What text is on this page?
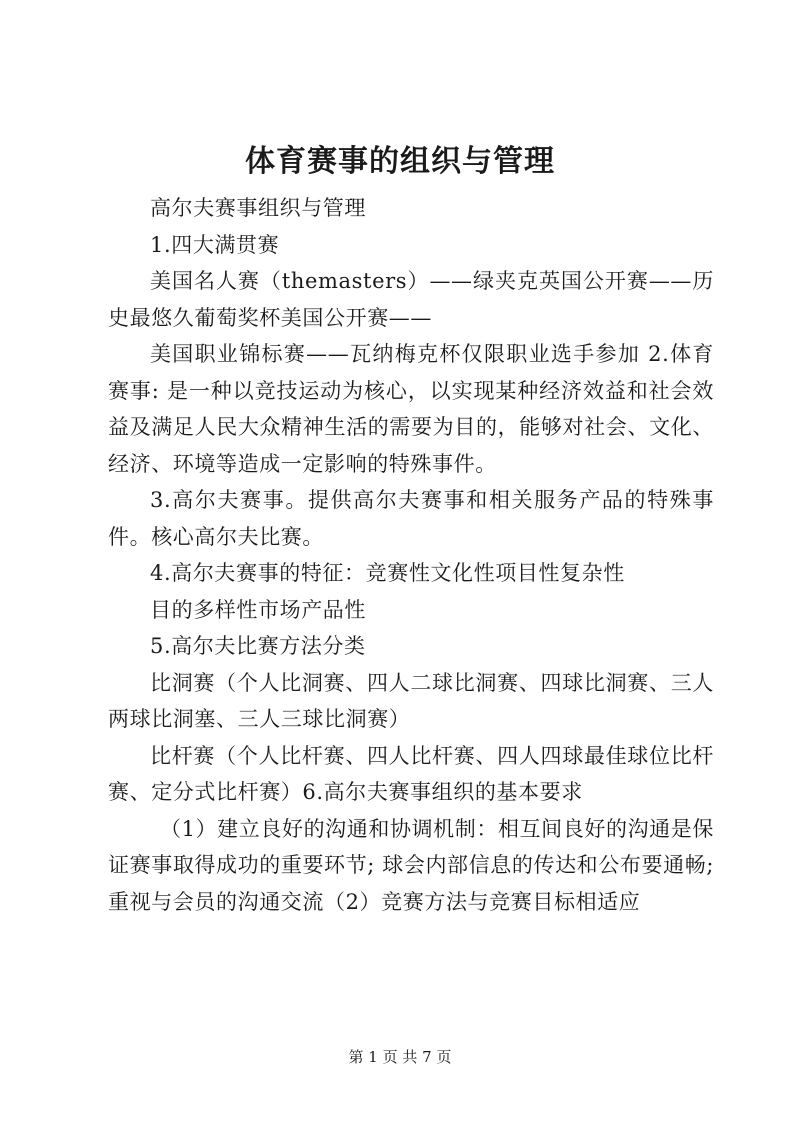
体育赛事的组织与管理

高尔夫赛事组织与管理

1.四大满贯赛

美国名人赛（themasters）——绿夹克英国公开赛——历史最悠久葡萄奖杯美国公开赛——

美国职业锦标赛——瓦纳梅克杯仅限职业选手参加 2.体育赛事: 是一种以竞技运动为核心，以实现某种经济效益和社会效益及满足人民大众精神生活的需要为目的，能够对社会、文化、经济、环境等造成一定影响的特殊事件。

3.高尔夫赛事。提供高尔夫赛事和相关服务产品的特殊事件。核心高尔夫比赛。

4.高尔夫赛事的特征：竞赛性文化性项目性复杂性

目的多样性市场产品性

5.高尔夫比赛方法分类

比洞赛（个人比洞赛、四人二球比洞赛、四球比洞赛、三人两球比洞塞、三人三球比洞赛）

比杆赛（个人比杆赛、四人比杆赛、四人四球最佳球位比杆赛、定分式比杆赛）6.高尔夫赛事组织的基本要求

（1）建立良好的沟通和协调机制：相互间良好的沟通是保证赛事取得成功的重要环节; 球会内部信息的传达和公布要通畅; 重视与会员的沟通交流（2）竞赛方法与竞赛目标相适应

第 1 页 共 7 页
